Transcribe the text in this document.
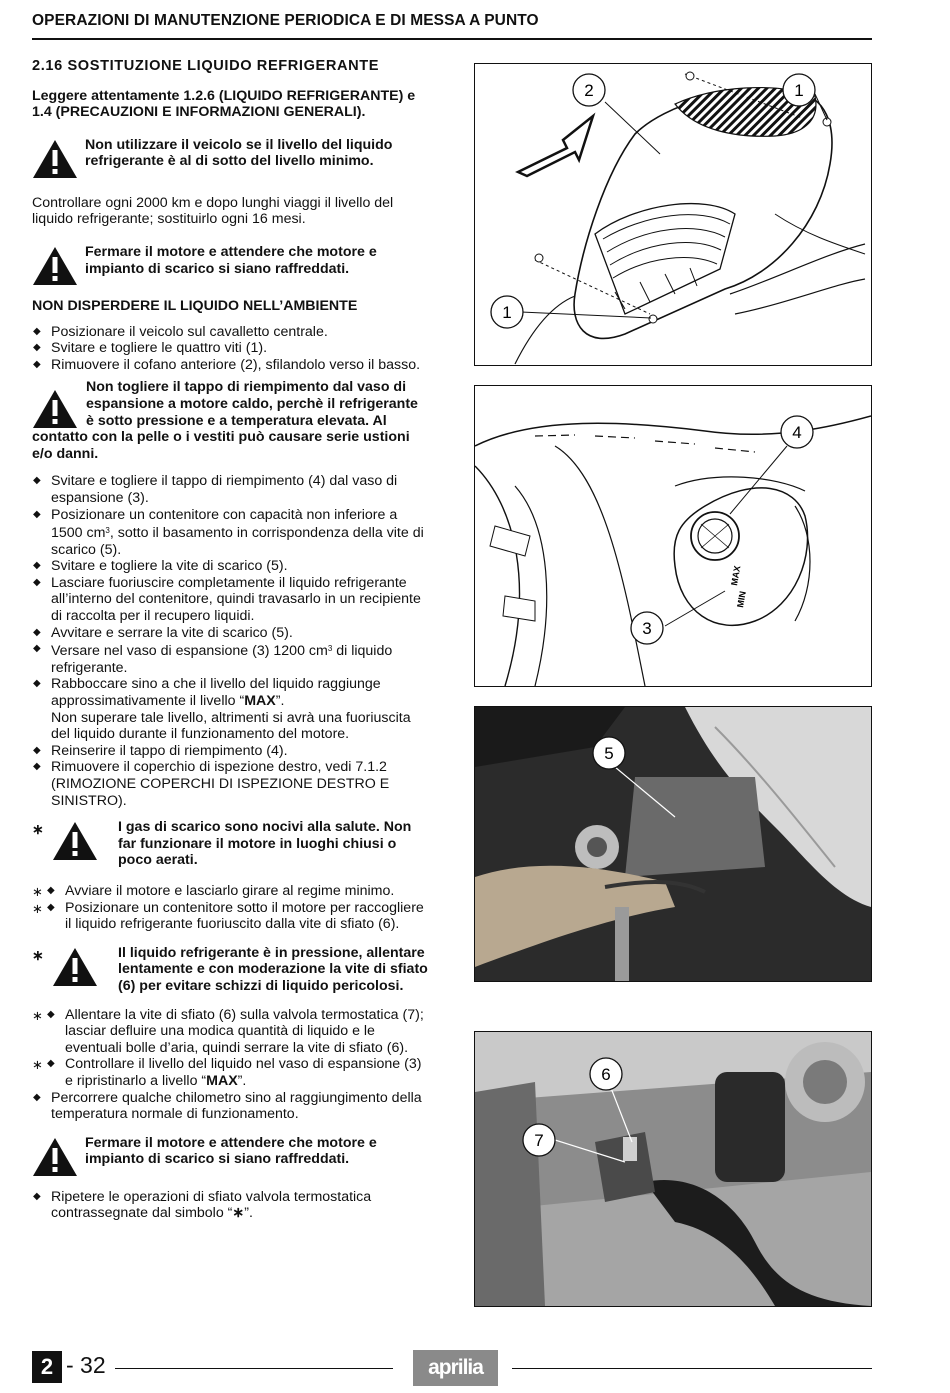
OPERAZIONI DI MANUTENZIONE PERIODICA E DI MESSA A PUNTO
2.16 SOSTITUZIONE LIQUIDO REFRIGERANTE

Leggere attentamente 1.2.6 (LIQUIDO REFRIGERANTE) e 1.4 (PRECAUZIONI E INFORMAZIONI GENERALI).

Non utilizzare il veicolo se il livello del liquido refrigerante è al di sotto del livello minimo.

Controllare ogni 2000 km e dopo lunghi viaggi il livello del liquido refrigerante; sostituirlo ogni 16 mesi.

Fermare il motore e attendere che motore e impianto di scarico si siano raffreddati.

NON DISPERDERE IL LIQUIDO NELL’AMBIENTE

◆ Posizionare il veicolo sul cavalletto centrale.
◆ Svitare e togliere le quattro viti (1).
◆ Rimuovere il cofano anteriore (2), sfilandolo verso il basso.
Non togliere il tappo di riempimento dal vaso di espansione a motore caldo, perchè il refrigerante è sotto pressione e a temperatura elevata. Al contatto con la pelle o i vestiti può causare serie ustioni e/o danni.
◆ Svitare e togliere il tappo di riempimento (4) dal vaso di espansione (3).
◆ Posizionare un contenitore con capacità non inferiore a 1500 $cm^3$, sotto il basamento in corrispondenza della vite di scarico (5).
◆ Svitare e togliere la vite di scarico (5).
◆ Lasciare fuoriuscire completamente il liquido refrigerante all’interno del contenitore, quindi travasarlo in un recipiente di raccolta per il recupero liquidi.
◆ Avvitare e serrare la vite di scarico (5).
◆ Versare nel vaso di espansione (3) 1200 $cm^3$ di liquido refrigerante.
◆ Rabboccare sino a che il livello del liquido raggiunge approssimativamente il livello “MAX”.
Non superare tale livello, altrimenti si avrà una fuoriuscita del liquido durante il funzionamento del motore.
◆ Reinserire il tappo di riempimento (4).
◆ Rimuovere il coperchio di ispezione destro, vedi 7.1.2 (RIMOZIONE COPERCHI DI ISPEZIONE DESTRO E SINISTRO).
∗	I gas di scarico sono nocivi alla salute. Non far funzionare il motore in luoghi chiusi o poco aerati.
∗ ◆ Avviare il motore e lasciarlo girare al regime minimo.
∗ ◆ Posizionare un contenitore sotto il motore per raccogliere il liquido refrigerante fuoriuscito dalla vite di sfiato (6).
∗	Il liquido refrigerante è in pressione, allentare lentamente e con moderazione la vite di sfiato (6) per evitare schizzi di liquido pericolosi.
∗ ◆ Allentare la vite di sfiato (6) sulla valvola termostatica (7); lasciar defluire una modica quantità di liquido e le eventuali bolle d’aria, quindi serrare la vite di sfiato (6).
∗ ◆ Controllare il livello del liquido nel vaso di espansione (3) e ripristinarlo a livello “MAX”.
◆ Percorrere qualche chilometro sino al raggiungimento della temperatura normale di funzionamento.
Fermare il motore e attendere che motore e impianto di scarico si siano raffreddati.
◆ Ripetere le operazioni di sfiato valvola termostatica contrassegnate dal simbolo “∗”.
2	1
1
MAX
MIN
4
3
5
6
7
2 - 32	aprilia
